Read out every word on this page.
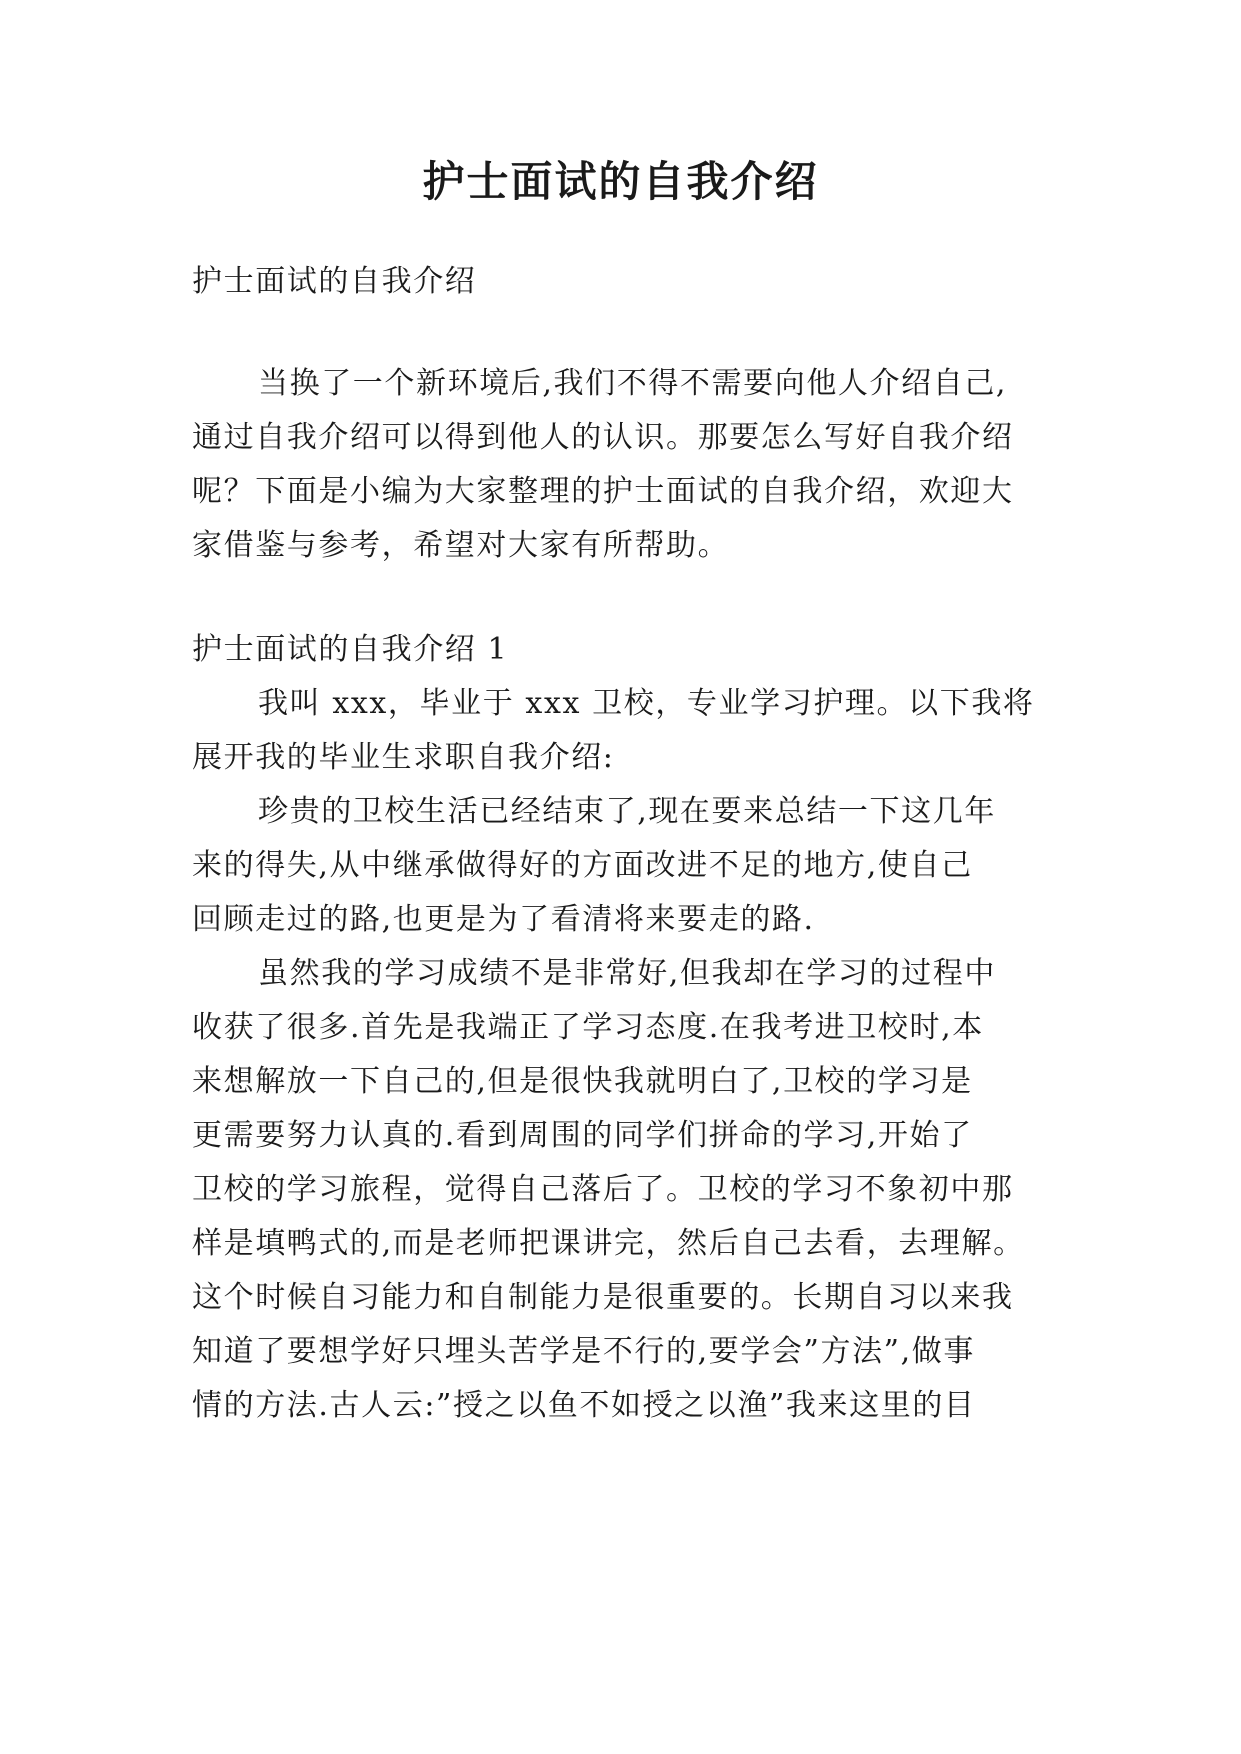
护士面试的自我介绍
护士面试的自我介绍
当换了一个新环境后,我们不得不需要向他人介绍自己,
通过自我介绍可以得到他人的认识。那要怎么写好自我介绍
呢？下面是小编为大家整理的护士面试的自我介绍，欢迎大
家借鉴与参考，希望对大家有所帮助。
护士面试的自我介绍 1
我叫 xxx，毕业于 xxx 卫校，专业学习护理。以下我将
展开我的毕业生求职自我介绍:
珍贵的卫校生活已经结束了,现在要来总结一下这几年
来的得失,从中继承做得好的方面改进不足的地方,使自己
回顾走过的路,也更是为了看清将来要走的路.
虽然我的学习成绩不是非常好,但我却在学习的过程中
收获了很多.首先是我端正了学习态度.在我考进卫校时,本
来想解放一下自己的,但是很快我就明白了,卫校的学习是
更需要努力认真的.看到周围的同学们拼命的学习,开始了
卫校的学习旅程，觉得自己落后了。卫校的学习不象初中那
样是填鸭式的,而是老师把课讲完，然后自己去看，去理解。
这个时候自习能力和自制能力是很重要的。长期自习以来我
知道了要想学好只埋头苦学是不行的,要学会”方法”,做事
情的方法.古人云:”授之以鱼不如授之以渔”我来这里的目
